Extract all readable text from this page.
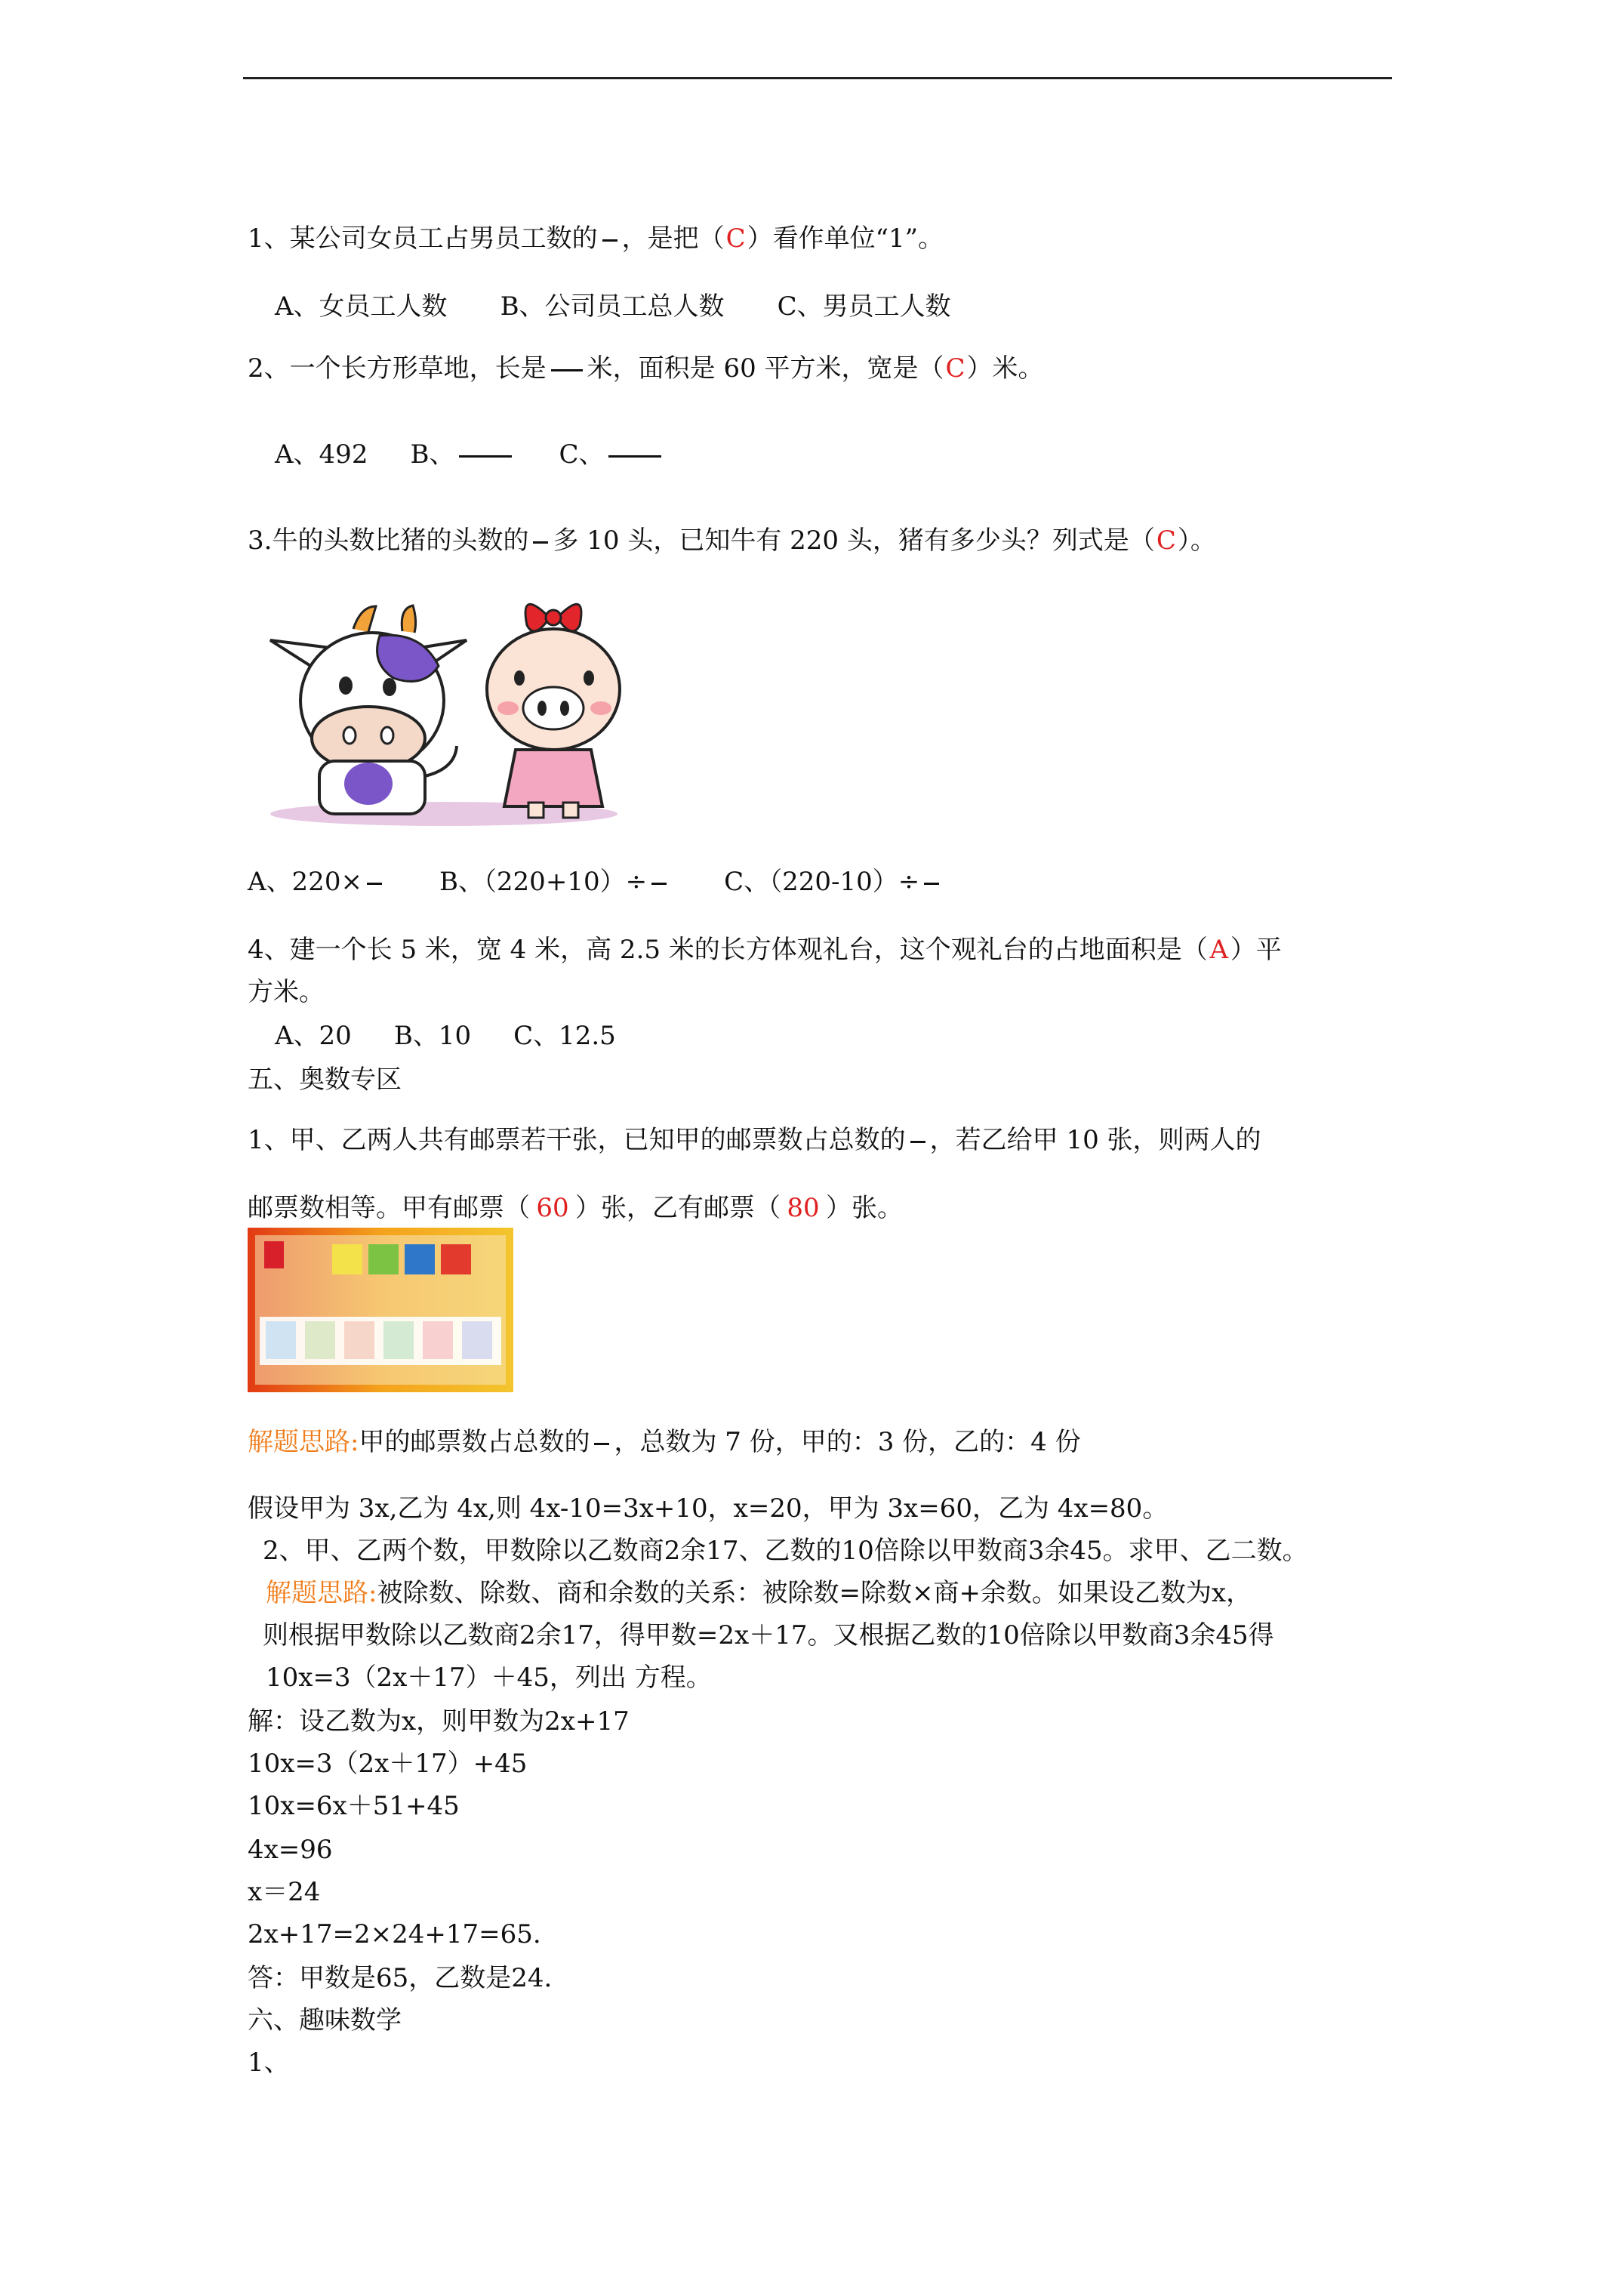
1、某公司女员工占男员工数的 ，是把（C）看作单位“1”。
A、女员工人数 B、公司员工总人数 C、男员工人数
2、一个长方形草地，长是 米，面积是 60 平方米，宽是（C）米。
A、492 B、	C、
3.牛的头数比猪的头数的 多 10 头，已知牛有 220 头，猪有多少头？列式是（C）。
A、220×	B、（220+10）÷	C、（220-10）÷
4、建一个长 5 米，宽 4 米，高 2.5 米的长方体观礼台，这个观礼台的占地面积是（A）平
方米。
A、20 B、10 C、12.5
五、奥数专区
1、甲、乙两人共有邮票若干张，已知甲的邮票数占总数的 ，若乙给甲 10 张，则两人的
邮票数相等。甲有邮票（ 60 ）张，乙有邮票（ 80 ）张。
解题思路:甲的邮票数占总数的 ，总数为 7 份，甲的：3 份，乙的：4 份
假设甲为 3x,乙为 4x,则 4x-10=3x+10，x=20，甲为 3x=60，乙为 4x=80。
2、甲、乙两个数，甲数除以乙数商2余17、乙数的10倍除以甲数商3余45。求甲、乙二数。
解题思路:被除数、除数、商和余数的关系：被除数=除数×商+余数。如果设乙数为x，
则根据甲数除以乙数商2余17，得甲数=2x＋17。又根据乙数的10倍除以甲数商3余45得
10x=3（2x＋17）＋45，列出 方程。
解：设乙数为x，则甲数为2x+17
10x=3（2x＋17）+45
10x=6x＋51+45
4x=96
x＝24
2x+17=2×24+17=65.
答：甲数是65，乙数是24.
六、趣味数学
1、
